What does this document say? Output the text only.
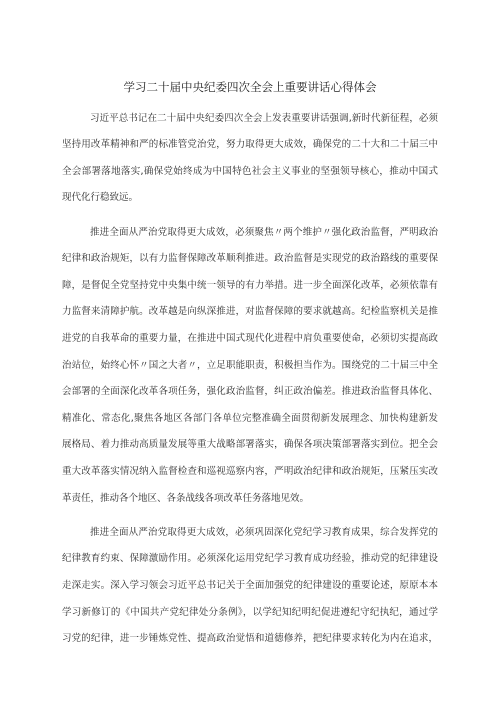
学习二十届中央纪委四次全会上重要讲话心得体会
习近平总书记在二十届中央纪委四次全会上发表重要讲话强调,新时代新征程，必须
坚持用改革精神和严的标准管党治党，努力取得更大成效，确保党的二十大和二十届三中
全会部署落地落实,确保党始终成为中国特色社会主义事业的坚强领导核心，推动中国式
现代化行稳致远。
推进全面从严治党取得更大成效，必须聚焦〃两个维护〃强化政治监督，严明政治
纪律和政治规矩，以有力监督保障改革顺利推进。政治监督是实现党的政治路线的重要保
障，是督促全党坚持党中央集中统一领导的有力举措。进一步全面深化改革，必须依靠有
力监督来清障护航。改革越是向纵深推进，对监督保障的要求就越高。纪检监察机关是推
进党的自我革命的重要力量，在推进中国式现代化进程中肩负重要使命，必须切实提高政
治站位，始终心怀〃国之大者〃，立足职能职责，积极担当作为。围绕党的二十届三中全
会部署的全面深化改革各项任务，强化政治监督，纠正政治偏差。推进政治监督具体化、
精准化、常态化,聚焦各地区各部门各单位完整准确全面贯彻新发展理念、加快构建新发
展格局、着力推动高质量发展等重大战略部署落实，确保各项决策部署落实到位。把全会
重大改革落实情况纳入监督检查和巡视巡察内容，严明政治纪律和政治规矩，压紧压实改
革责任，推动各个地区、各条战线各项改革任务落地见效。
推进全面从严治党取得更大成效，必须巩固深化党纪学习教育成果，综合发挥党的
纪律教育约束、保障激励作用。必须深化运用党纪学习教育成功经验，推动党的纪律建设
走深走实。深入学习领会习近平总书记关于全面加强党的纪律建设的重要论述，原原本本
学习新修订的《中国共产党纪律处分条例》，以学纪知纪明纪促进遵纪守纪执纪，通过学
习党的纪律，进一步锤炼党性、提高政治觉悟和道德修养，把纪律要求转化为内在追求，
